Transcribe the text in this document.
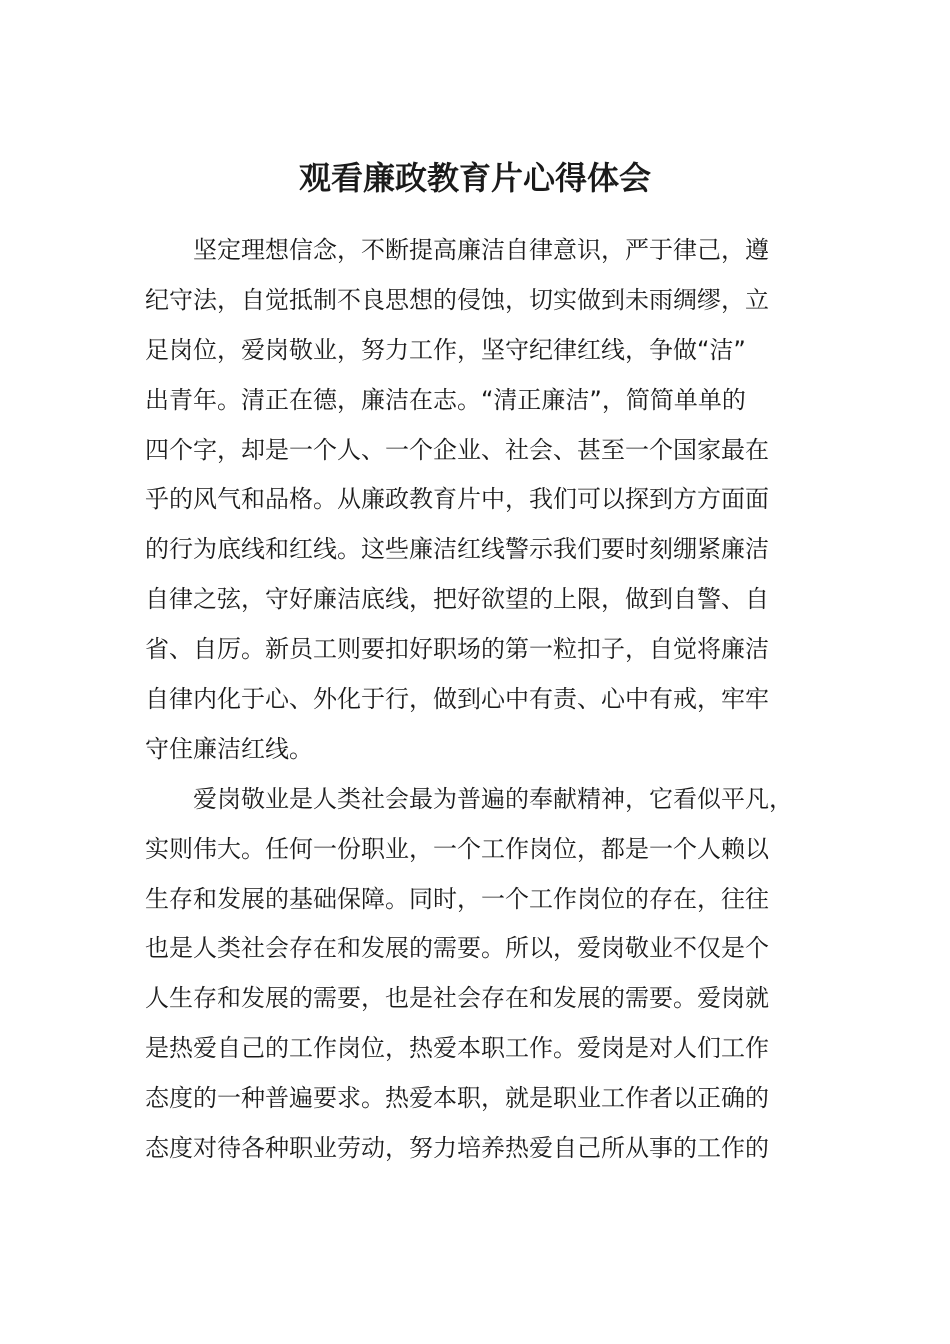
观看廉政教育片心得体会
坚定理想信念，不断提高廉洁自律意识，严于律己，遵
纪守法，自觉抵制不良思想的侵蚀，切实做到未雨绸缪，立
足岗位，爱岗敬业，努力工作，坚守纪律红线，争做“洁”
出青年。清正在德，廉洁在志。“清正廉洁”，简简单单的
四个字，却是一个人、一个企业、社会、甚至一个国家最在
乎的风气和品格。从廉政教育片中，我们可以探到方方面面
的行为底线和红线。这些廉洁红线警示我们要时刻绷紧廉洁
自律之弦，守好廉洁底线，把好欲望的上限，做到自警、自
省、自厉。新员工则要扣好职场的第一粒扣子，自觉将廉洁
自律内化于心、外化于行，做到心中有责、心中有戒，牢牢
守住廉洁红线。
爱岗敬业是人类社会最为普遍的奉献精神，它看似平凡，
实则伟大。任何一份职业，一个工作岗位，都是一个人赖以
生存和发展的基础保障。同时，一个工作岗位的存在，往往
也是人类社会存在和发展的需要。所以，爱岗敬业不仅是个
人生存和发展的需要，也是社会存在和发展的需要。爱岗就
是热爱自己的工作岗位，热爱本职工作。爱岗是对人们工作
态度的一种普遍要求。热爱本职，就是职业工作者以正确的
态度对待各种职业劳动，努力培养热爱自己所从事的工作的
